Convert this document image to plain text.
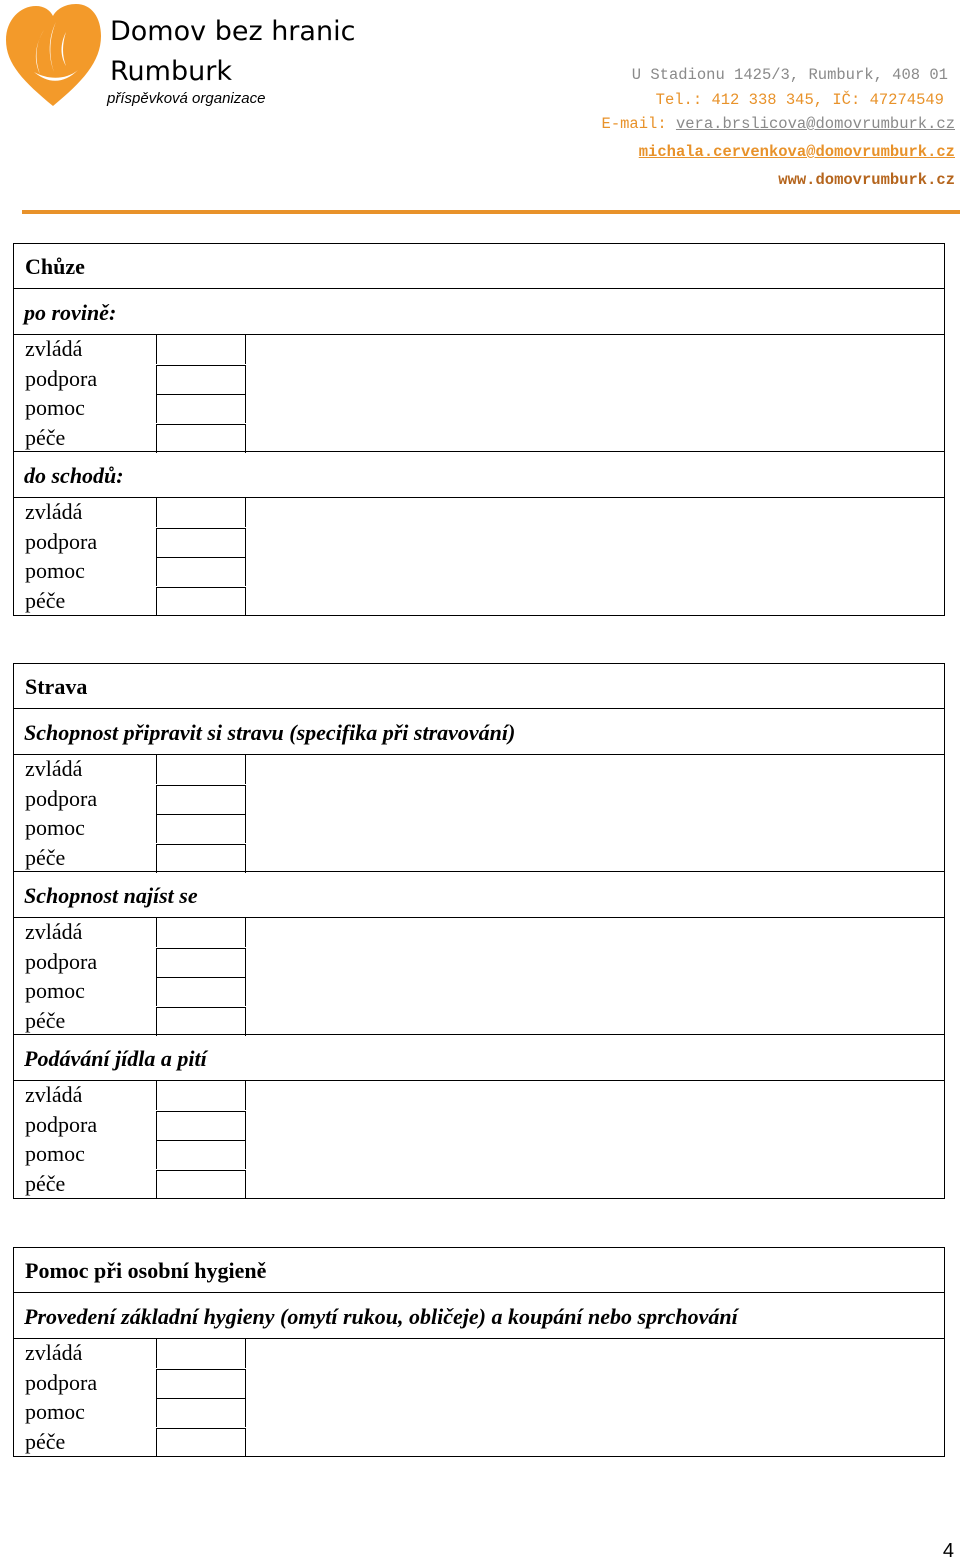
Domov bez hranic
Rumburk
příspěvková organizace
U Stadionu 1425/3, Rumburk, 408 01
Tel.: 412 338 345, IČ: 47274549
E-mail: vera.brslicova@domovrumburk.cz
michala.cervenkova@domovrumburk.cz
www.domovrumburk.cz
Chůze
po rovině:
zvládá
podpora
pomoc
péče
do schodů:
zvládá
podpora
pomoc
péče
Strava
Schopnost připravit si stravu (specifika při stravování)
zvládá
podpora
pomoc
péče
Schopnost najíst se
zvládá
podpora
pomoc
péče
Podávání jídla a pití
zvládá
podpora
pomoc
péče
Pomoc při osobní hygieně
Provedení základní hygieny (omytí rukou, obličeje) a koupání nebo sprchování
zvládá
podpora
pomoc
péče
4
